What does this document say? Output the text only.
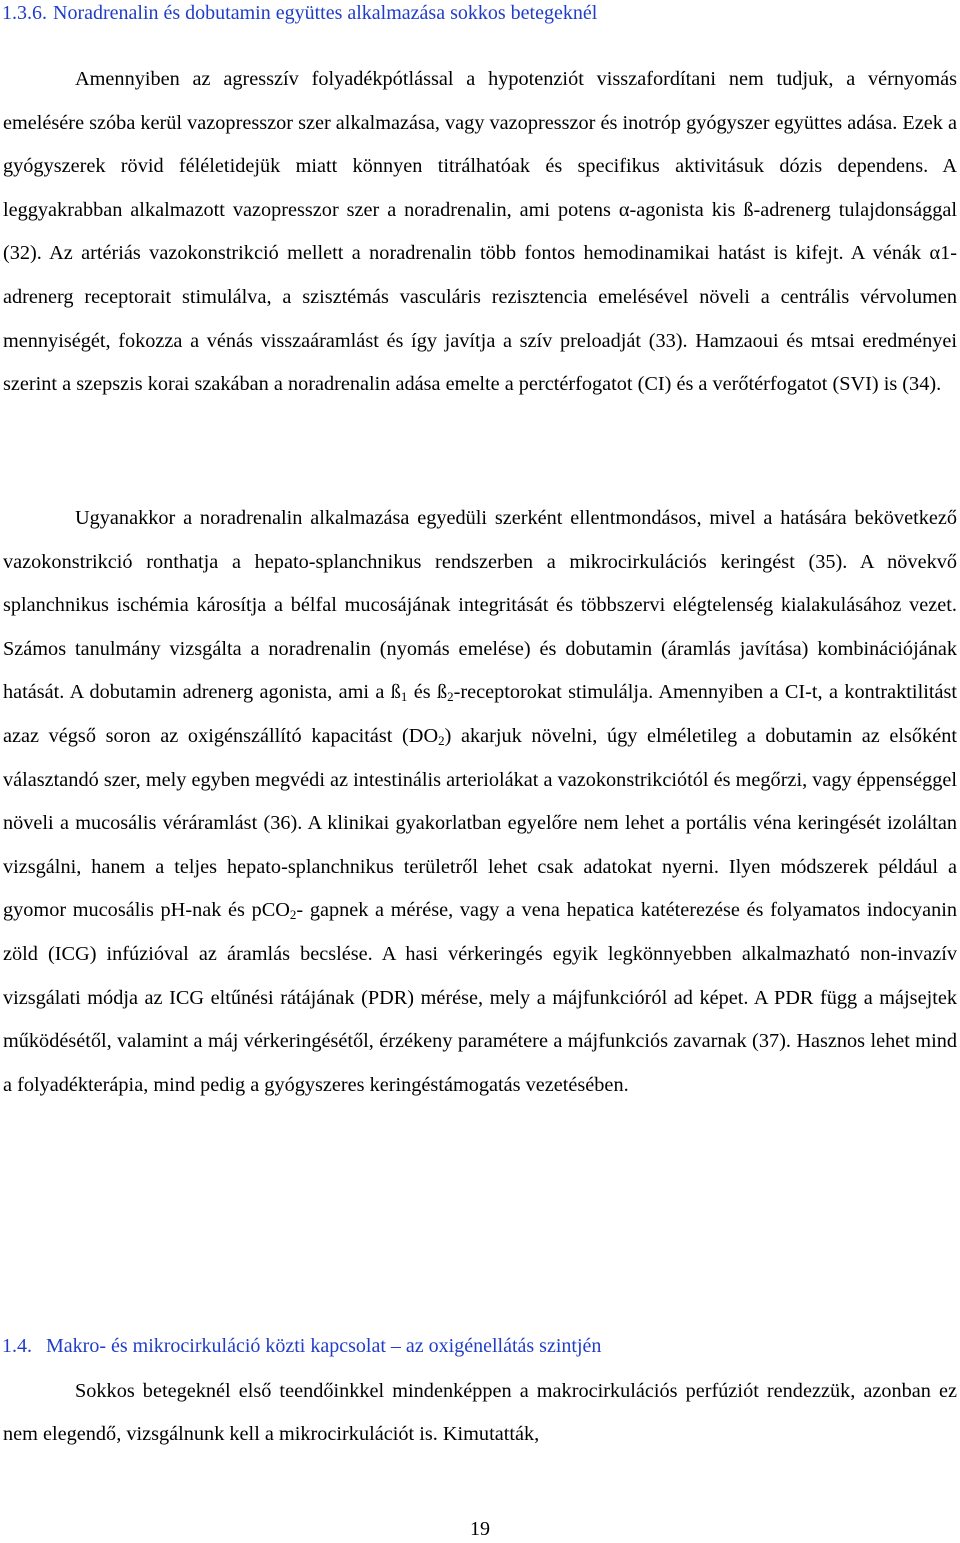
1.3.6. Noradrenalin és dobutamin együttes alkalmazása sokkos betegeknél

Amennyiben az agresszív folyadékpótlással a hypotenziót visszafordítani nem tudjuk, a vérnyomás emelésére szóba kerül vazopresszor szer alkalmazása, vagy vazopresszor és inotróp gyógyszer együttes adása. Ezek a gyógyszerek rövid féléletidejük miatt könnyen titrálhatóak és specifikus aktivitásuk dózis dependens. A leggyakrabban alkalmazott vazopresszor szer a noradrenalin, ami potens α-agonista kis ß-adrenerg tulajdonsággal (32). Az artériás vazokonstrikció mellett a noradrenalin több fontos hemodinamikai hatást is kifejt. A vénák α1-adrenerg receptorait stimulálva, a szisztémás vasculáris rezisztencia emelésével növeli a centrális vérvolumen mennyiségét, fokozza a vénás visszaáramlást és így javítja a szív preloadját (33). Hamzaoui és mtsai eredményei szerint a szepszis korai szakában a noradrenalin adása emelte a perctérfogatot (CI) és a verőtérfogatot (SVI) is (34).

Ugyanakkor a noradrenalin alkalmazása egyedüli szerként ellentmondásos, mivel a hatására bekövetkező vazokonstrikció ronthatja a hepato-splanchnikus rendszerben a mikrocirkulációs keringést (35). A növekvő splanchnikus ischémia károsítja a bélfal mucosájának integritását és többszervi elégtelenség kialakulásához vezet. Számos tanulmány vizsgálta a noradrenalin (nyomás emelése) és dobutamin (áramlás javítása) kombinációjának hatását. A dobutamin adrenerg agonista, ami a $ß_1$ és $ß_2$-receptorokat stimulálja. Amennyiben a CI-t, a kontraktilitást azaz végső soron az oxigénszállító kapacitást $(DO_2)$ akarjuk növelni, úgy elméletileg a dobutamin az elsőként választandó szer, mely egyben megvédi az intestinális arteriolákat a vazokonstrikciótól és megőrzi, vagy éppenséggel növeli a mucosális véráramlást (36). A klinikai gyakorlatban egyelőre nem lehet a portális véna keringését izoláltan vizsgálni, hanem a teljes hepato-splanchnikus területről lehet csak adatokat nyerni. Ilyen módszerek például a gyomor mucosális pH-nak és pCO$_2$- gapnek a mérése, vagy a vena hepatica katéterezése és folyamatos indocyanin zöld (ICG) infúzióval az áramlás becslése. A hasi vérkeringés egyik legkönnyebben alkalmazható non-invazív vizsgálati módja az ICG eltűnési rátájának (PDR) mérése, mely a májfunkcióról ad képet. A PDR függ a májsejtek működésétől, valamint a máj vérkeringésétől, érzékeny paramétere a májfunkciós zavarnak (37). Hasznos lehet mind a folyadékterápia, mind pedig a gyógyszeres keringéstámogatás vezetésében.

1.4. Makro- és mikrocirkuláció közti kapcsolat – az oxigénellátás szintjén

Sokkos betegeknél első teendőinkkel mindenképpen a makrocirkulációs perfúziót rendezzük, azonban ez nem elegendő, vizsgálnunk kell a mikrocirkulációt is. Kimutatták,

19
